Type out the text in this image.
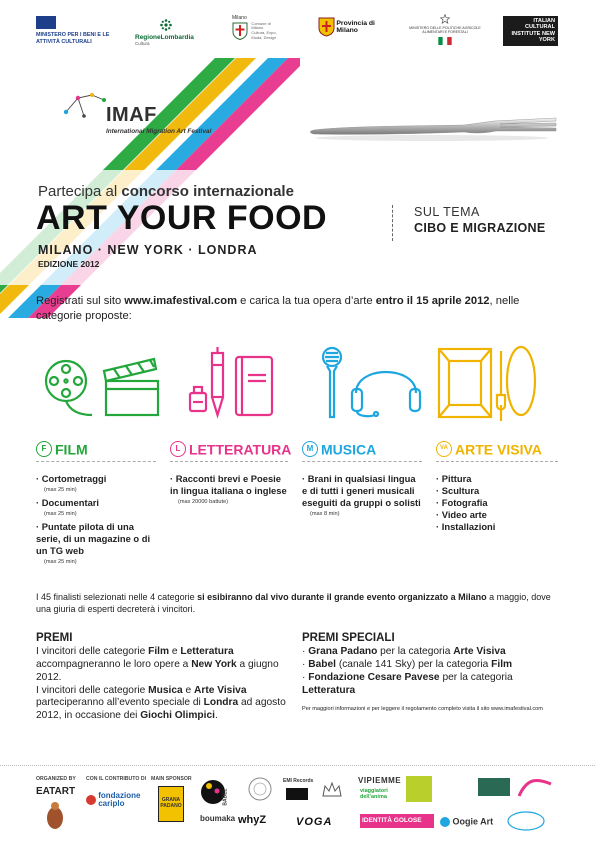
MINISTERO PER I BENI E LE ATTIVITÀ CULTURALI
RegioneLombardia
Cultura
Milano
Comune di Milano
Cultura, Expo, Moda, Design
Provincia di Milano	MINISTERO DELLE POLITICHE AGRICOLE ALIMENTARI E FORESTALI
ITALIAN CULTURAL INSTITUTE NEW YORK
IMAF
International Migration Art Festival
Partecipa al concorso internazionale
ART YOUR FOOD
MILANO · NEW YORK · LONDRA
EDIZIONE 2012
SUL TEMA
CIBO E MIGRAZIONE
Registrati sul sito www.imafestival.com e carica la tua opera d’arte entro il 15 aprile 2012, nelle categorie proposte:
F FILM	L LETTERATURA	M MUSICA	VA ARTE VISIVA
· Cortometraggi
(max 25 min)
· Documentari
(max 25 min)
· Puntate pilota di una serie, di un magazine o di un TG web
(max 25 min)
· Racconti brevi e Poesie in lingua italiana o inglese
(max 20000 battute)
· Brani in qualsiasi lingua e di tutti i generi musicali eseguiti da gruppi o solisti
(max 8 min)
· Pittura
· Scultura
· Fotografia
· Video arte
· Installazioni
I 45 finalisti selezionati nelle 4 categorie si esibiranno dal vivo durante il grande evento organizzato a Milano a maggio, dove una giuria di esperti decreterà i vincitori.
PREMI
I vincitori delle categorie Film e Letteratura accompagneranno le loro opere a New York a giugno 2012.
I vincitori delle categorie Musica e Arte Visiva parteciperanno all’evento speciale di Londra ad agosto 2012, in occasione dei Giochi Olimpici.
PREMI SPECIALI
· Grana Padano per la categoria Arte Visiva
· Babel (canale 141 Sky) per la categoria Film
· Fondazione Cesare Pavese per la categoria Letteratura
Per maggiori informazioni e per leggere il regolamento completo visita il sito www.imafestival.com
ORGANIZED BY
EATART
CON IL CONTRIBUTO DI
fondazione cariplo
MAIN SPONSOR
GRANA PADANO
BABEL
boumaka whyZ
EMI Records
VOGA
VIPIEMME
viaggiatori dell’anima
IDENTITÀ GOLOSE	Oogie Art
